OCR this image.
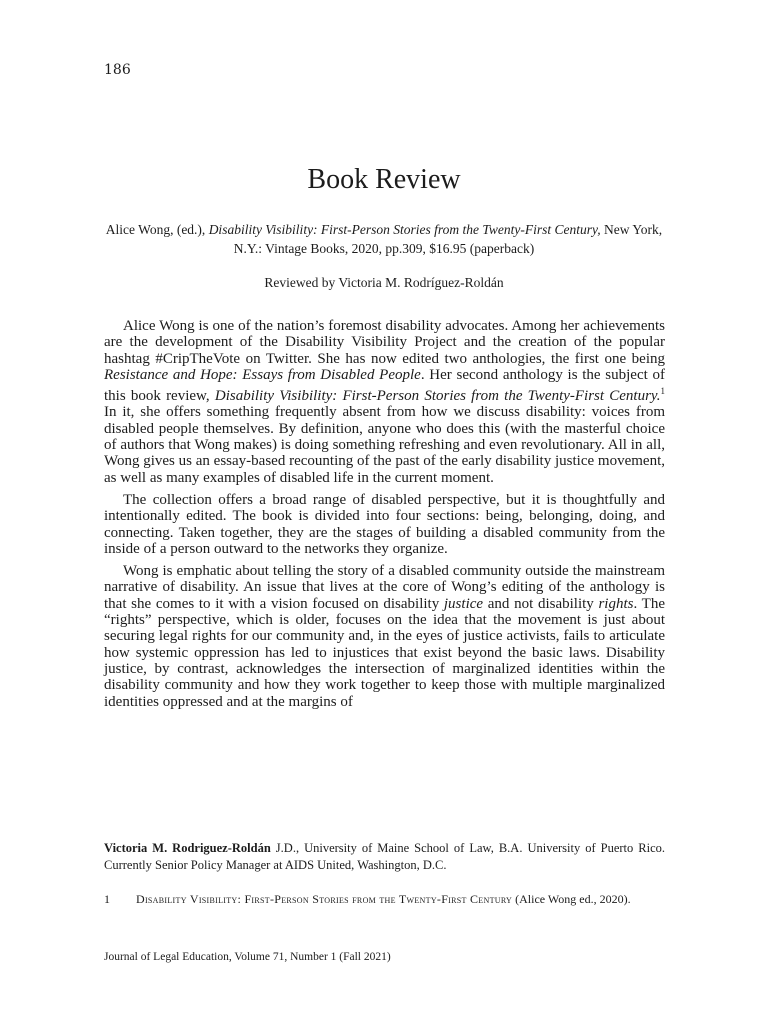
186
Book Review
Alice Wong, (ed.), Disability Visibility: First-Person Stories from the Twenty-First Century, New York, N.Y.: Vintage Books, 2020, pp.309, $16.95 (paperback)
Reviewed by Victoria M. Rodríguez-Roldán

Alice Wong is one of the nation’s foremost disability advocates. Among her achievements are the development of the Disability Visibility Project and the creation of the popular hashtag #CripTheVote on Twitter. She has now edited two anthologies, the first one being Resistance and Hope: Essays from Disabled People. Her second anthology is the subject of this book review, Disability Visibility: First-Person Stories from the Twenty-First Century.$^1$ In it, she offers something frequently absent from how we discuss disability: voices from disabled people themselves. By definition, anyone who does this (with the masterful choice of authors that Wong makes) is doing something refreshing and even revolutionary. All in all, Wong gives us an essay-based recounting of the past of the early disability justice movement, as well as many examples of disabled life in the current moment.

The collection offers a broad range of disabled perspective, but it is thoughtfully and intentionally edited. The book is divided into four sections: being, belonging, doing, and connecting. Taken together, they are the stages of building a disabled community from the inside of a person outward to the networks they organize.

Wong is emphatic about telling the story of a disabled community outside the mainstream narrative of disability. An issue that lives at the core of Wong’s editing of the anthology is that she comes to it with a vision focused on disability justice and not disability rights. The “rights” perspective, which is older, focuses on the idea that the movement is just about securing legal rights for our community and, in the eyes of justice activists, fails to articulate how systemic oppression has led to injustices that exist beyond the basic laws. Disability justice, by contrast, acknowledges the intersection of marginalized identities within the disability community and how they work together to keep those with multiple marginalized identities oppressed and at the margins of

Victoria M. Rodriguez-Roldán J.D., University of Maine School of Law, B.A. University of Puerto Rico. Currently Senior Policy Manager at AIDS United, Washington, D.C.
1	Disability Visibility: First-Person Stories from the Twenty-First Century (Alice Wong ed., 2020).
Journal of Legal Education, Volume 71, Number 1 (Fall 2021)
